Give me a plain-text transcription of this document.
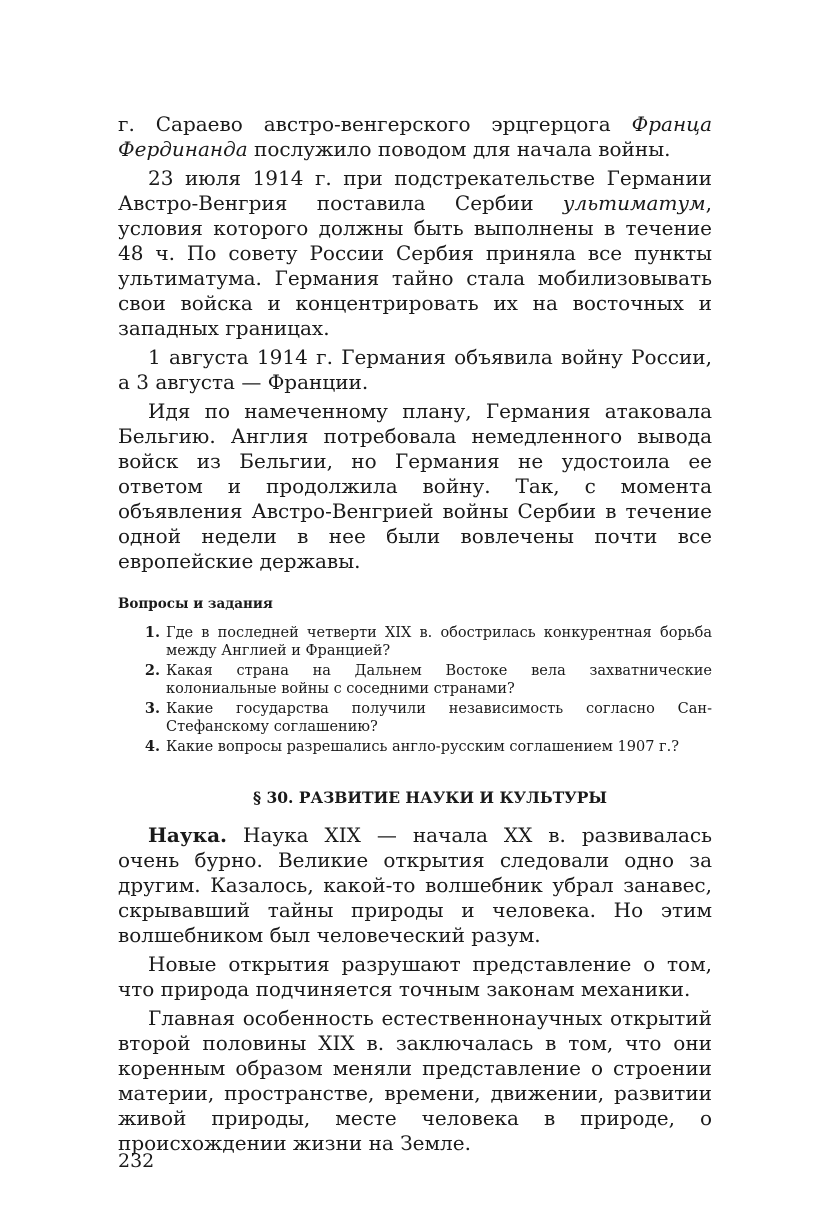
г. Сараево австро-венгерского эрцгерцога Франца Фердинанда послужило поводом для начала войны.

23 июля 1914 г. при подстрекательстве Германии Австро-Венгрия поставила Сербии ультиматум, условия которого должны быть выполнены в течение 48 ч. По совету России Сербия приняла все пункты ультиматума. Германия тайно стала мобилизовывать свои войска и концентрировать их на восточных и западных границах.

1 августа 1914 г. Германия объявила войну России, а 3 августа — Франции.

Идя по намеченному плану, Германия атаковала Бельгию. Англия потребовала немедленного вывода войск из Бельгии, но Германия не удостоила ее ответом и продолжила войну. Так, с момента объявления Австро-Венгрией войны Сербии в течение одной недели в нее были вовлечены почти все европейские державы.

Вопросы и задания
1. Где в последней четверти XIX в. обострилась конкурентная борьба между Англией и Францией?
2. Какая страна на Дальнем Востоке вела захватнические колониальные войны с соседними странами?
3. Какие государства получили независимость согласно Сан-Стефанскому соглашению?
4. Какие вопросы разрешались англо-русским соглашением 1907 г.?
§ 30. РАЗВИТИЕ НАУКИ И КУЛЬТУРЫ

Наука. Наука XIX — начала XX в. развивалась очень бурно. Великие открытия следовали одно за другим. Казалось, какой-то волшебник убрал занавес, скрывавший тайны природы и человека. Но этим волшебником был человеческий разум.

Новые открытия разрушают представление о том, что природа подчиняется точным законам механики.

Главная особенность естественнонаучных открытий второй половины XIX в. заключалась в том, что они коренным образом меняли представление о строении материи, пространстве, времени, движении, развитии живой природы, месте человека в природе, о происхождении жизни на Земле.

232
